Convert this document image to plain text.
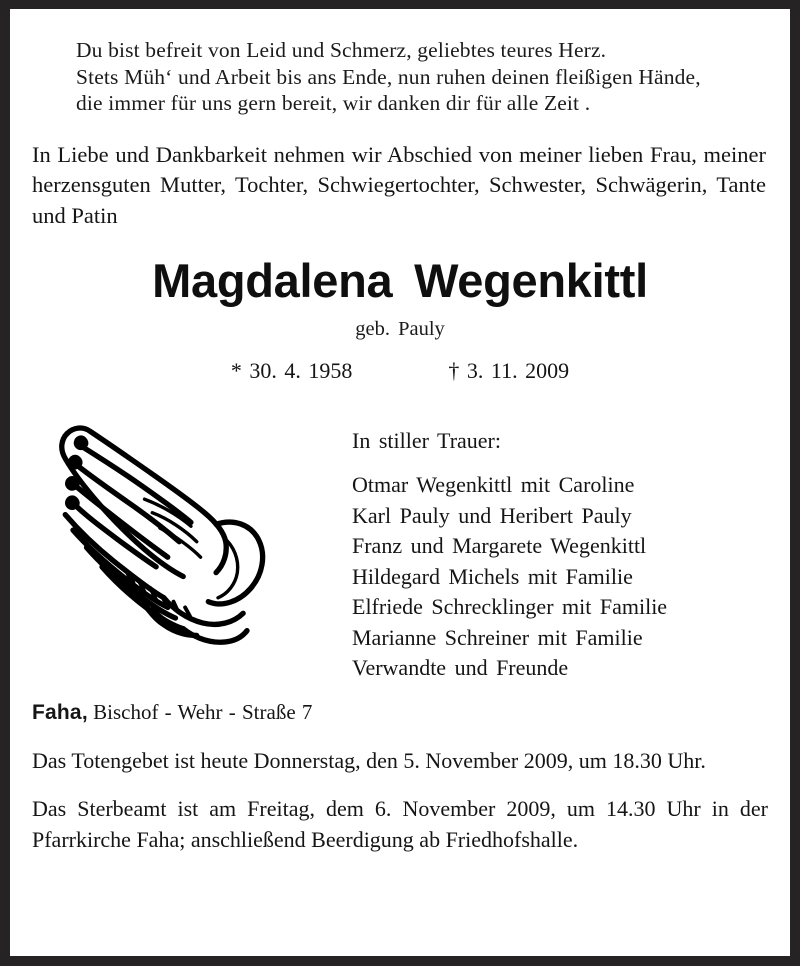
Du bist befreit von Leid und Schmerz, geliebtes teures Herz.
Stets Müh‘ und Arbeit bis ans Ende, nun ruhen deinen fleißigen Hände,
die immer für uns gern bereit, wir danken dir für alle Zeit .
In Liebe und Dankbarkeit nehmen wir Abschied von meiner lieben Frau, meiner herzensguten Mutter, Tochter, Schwiegertochter, Schwester, Schwägerin, Tante und Patin
Magdalena Wegenkittl
geb. Pauly
* 30. 4. 1958	† 3. 11. 2009
In stiller Trauer:
Otmar Wegenkittl mit Caroline
Karl Pauly und Heribert Pauly
Franz und Margarete Wegenkittl
Hildegard Michels mit Familie
Elfriede Schrecklinger mit Familie
Marianne Schreiner mit Familie
Verwandte und Freunde
Faha, Bischof - Wehr - Straße 7
Das Totengebet ist heute Donnerstag, den 5. November 2009, um 18.30 Uhr.
Das Sterbeamt ist am Freitag, dem 6. November 2009, um 14.30 Uhr in der Pfarrkirche Faha; anschließend Beerdigung ab Friedhofshalle.
